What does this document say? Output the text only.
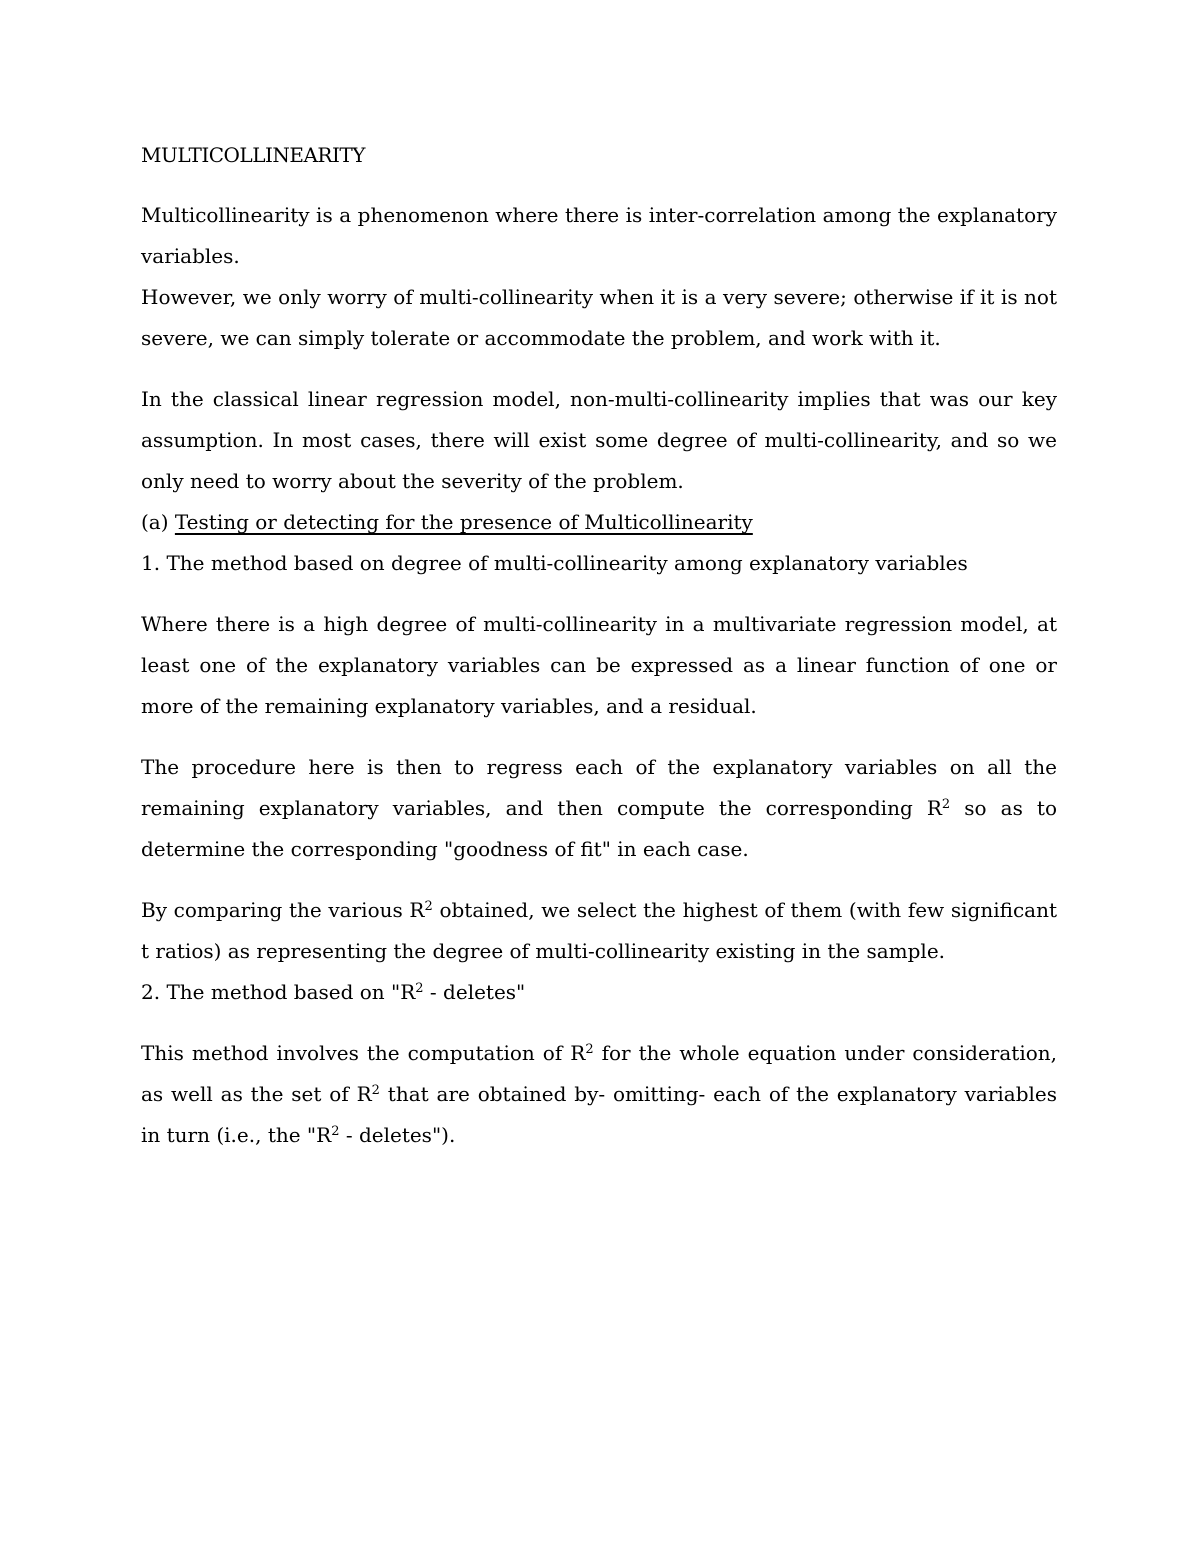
MULTICOLLINEARITY

Multicollinearity is a phenomenon where there is inter-correlation among the explanatory variables.

However, we only worry of multi-collinearity when it is a very severe; otherwise if it is not severe, we can simply tolerate or accommodate the problem, and work with it.

In the classical linear regression model, non-multi-collinearity implies that was our key assumption. In most cases, there will exist some degree of multi-collinearity, and so we only need to worry about the severity of the problem.

(a) Testing or detecting for the presence of Multicollinearity

1. The method based on degree of multi-collinearity among explanatory variables

Where there is a high degree of multi-collinearity in a multivariate regression model, at least one of the explanatory variables can be expressed as a linear function of one or more of the remaining explanatory variables, and a residual.

The procedure here is then to regress each of the explanatory variables on all the remaining explanatory variables, and then compute the corresponding $R^2$ so as to determine the corresponding "goodness of fit" in each case.

By comparing the various $R^2$ obtained, we select the highest of them (with few significant t ratios) as representing the degree of multi-collinearity existing in the sample.

2. The method based on "$R^2$ - deletes"

This method involves the computation of $R^2$ for the whole equation under consideration, as well as the set of $R^2$ that are obtained by- omitting- each of the explanatory variables in turn (i.e., the "$R^2$ - deletes").
